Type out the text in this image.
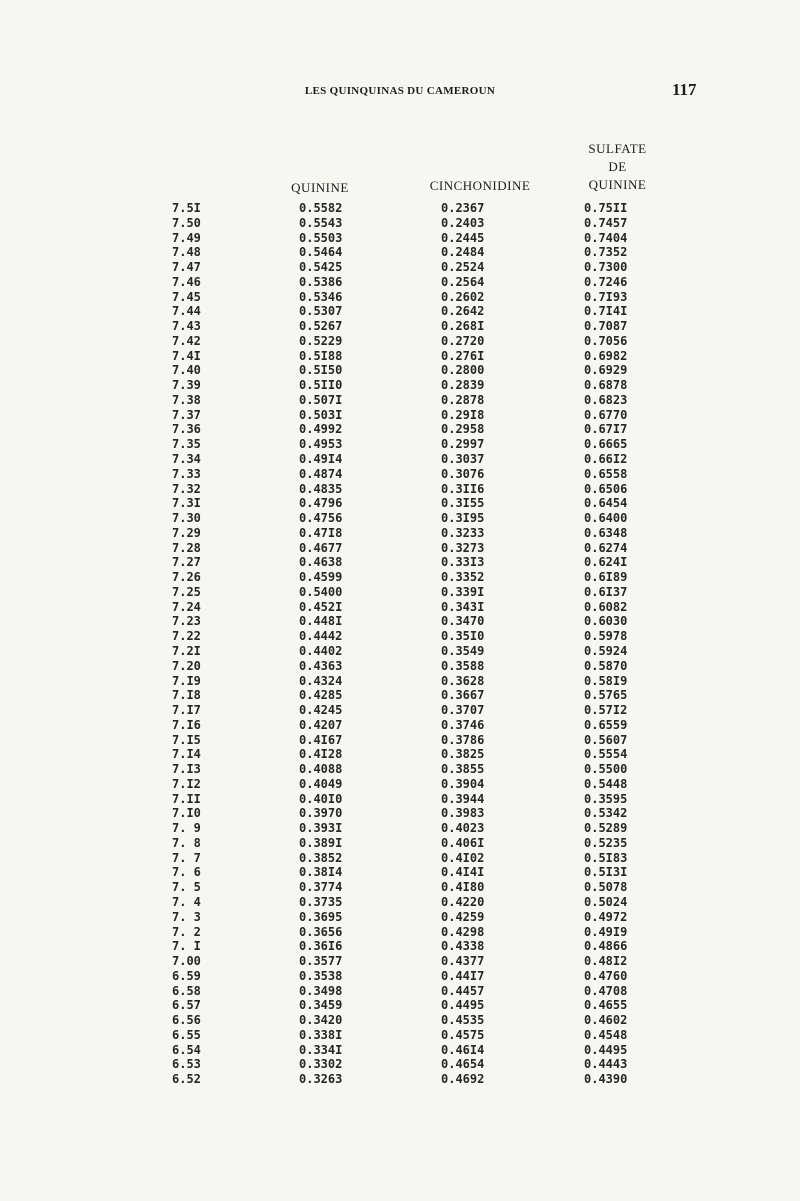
LES QUINQUINAS DU CAMEROUN	117
QUININE	CINCHONIDINE
SULFATE
DE
QUININE
7.5I	0.5582	0.2367	0.75II
7.50	0.5543	0.2403	0.7457
7.49	0.5503	0.2445	0.7404
7.48	0.5464	0.2484	0.7352
7.47	0.5425	0.2524	0.7300
7.46	0.5386	0.2564	0.7246
7.45	0.5346	0.2602	0.7I93
7.44	0.5307	0.2642	0.7I4I
7.43	0.5267	0.268I	0.7087
7.42	0.5229	0.2720	0.7056
7.4I	0.5I88	0.276I	0.6982
7.40	0.5I50	0.2800	0.6929
7.39	0.5II0	0.2839	0.6878
7.38	0.507I	0.2878	0.6823
7.37	0.503I	0.29I8	0.6770
7.36	0.4992	0.2958	0.67I7
7.35	0.4953	0.2997	0.6665
7.34	0.49I4	0.3037	0.66I2
7.33	0.4874	0.3076	0.6558
7.32	0.4835	0.3II6	0.6506
7.3I	0.4796	0.3I55	0.6454
7.30	0.4756	0.3I95	0.6400
7.29	0.47I8	0.3233	0.6348
7.28	0.4677	0.3273	0.6274
7.27	0.4638	0.33I3	0.624I
7.26	0.4599	0.3352	0.6I89
7.25	0.5400	0.339I	0.6I37
7.24	0.452I	0.343I	0.6082
7.23	0.448I	0.3470	0.6030
7.22	0.4442	0.35I0	0.5978
7.2I	0.4402	0.3549	0.5924
7.20	0.4363	0.3588	0.5870
7.I9	0.4324	0.3628	0.58I9
7.I8	0.4285	0.3667	0.5765
7.I7	0.4245	0.3707	0.57I2
7.I6	0.4207	0.3746	0.6559
7.I5	0.4I67	0.3786	0.5607
7.I4	0.4I28	0.3825	0.5554
7.I3	0.4088	0.3855	0.5500
7.I2	0.4049	0.3904	0.5448
7.II	0.40I0	0.3944	0.3595
7.I0	0.3970	0.3983	0.5342
7. 9	0.393I	0.4023	0.5289
7. 8	0.389I	0.406I	0.5235
7. 7	0.3852	0.4I02	0.5I83
7. 6	0.38I4	0.4I4I	0.5I3I
7. 5	0.3774	0.4I80	0.5078
7. 4	0.3735	0.4220	0.5024
7. 3	0.3695	0.4259	0.4972
7. 2	0.3656	0.4298	0.49I9
7. I	0.36I6	0.4338	0.4866
7.00	0.3577	0.4377	0.48I2
6.59	0.3538	0.44I7	0.4760
6.58	0.3498	0.4457	0.4708
6.57	0.3459	0.4495	0.4655
6.56	0.3420	0.4535	0.4602
6.55	0.338I	0.4575	0.4548
6.54	0.334I	0.46I4	0.4495
6.53	0.3302	0.4654	0.4443
6.52	0.3263	0.4692	0.4390
